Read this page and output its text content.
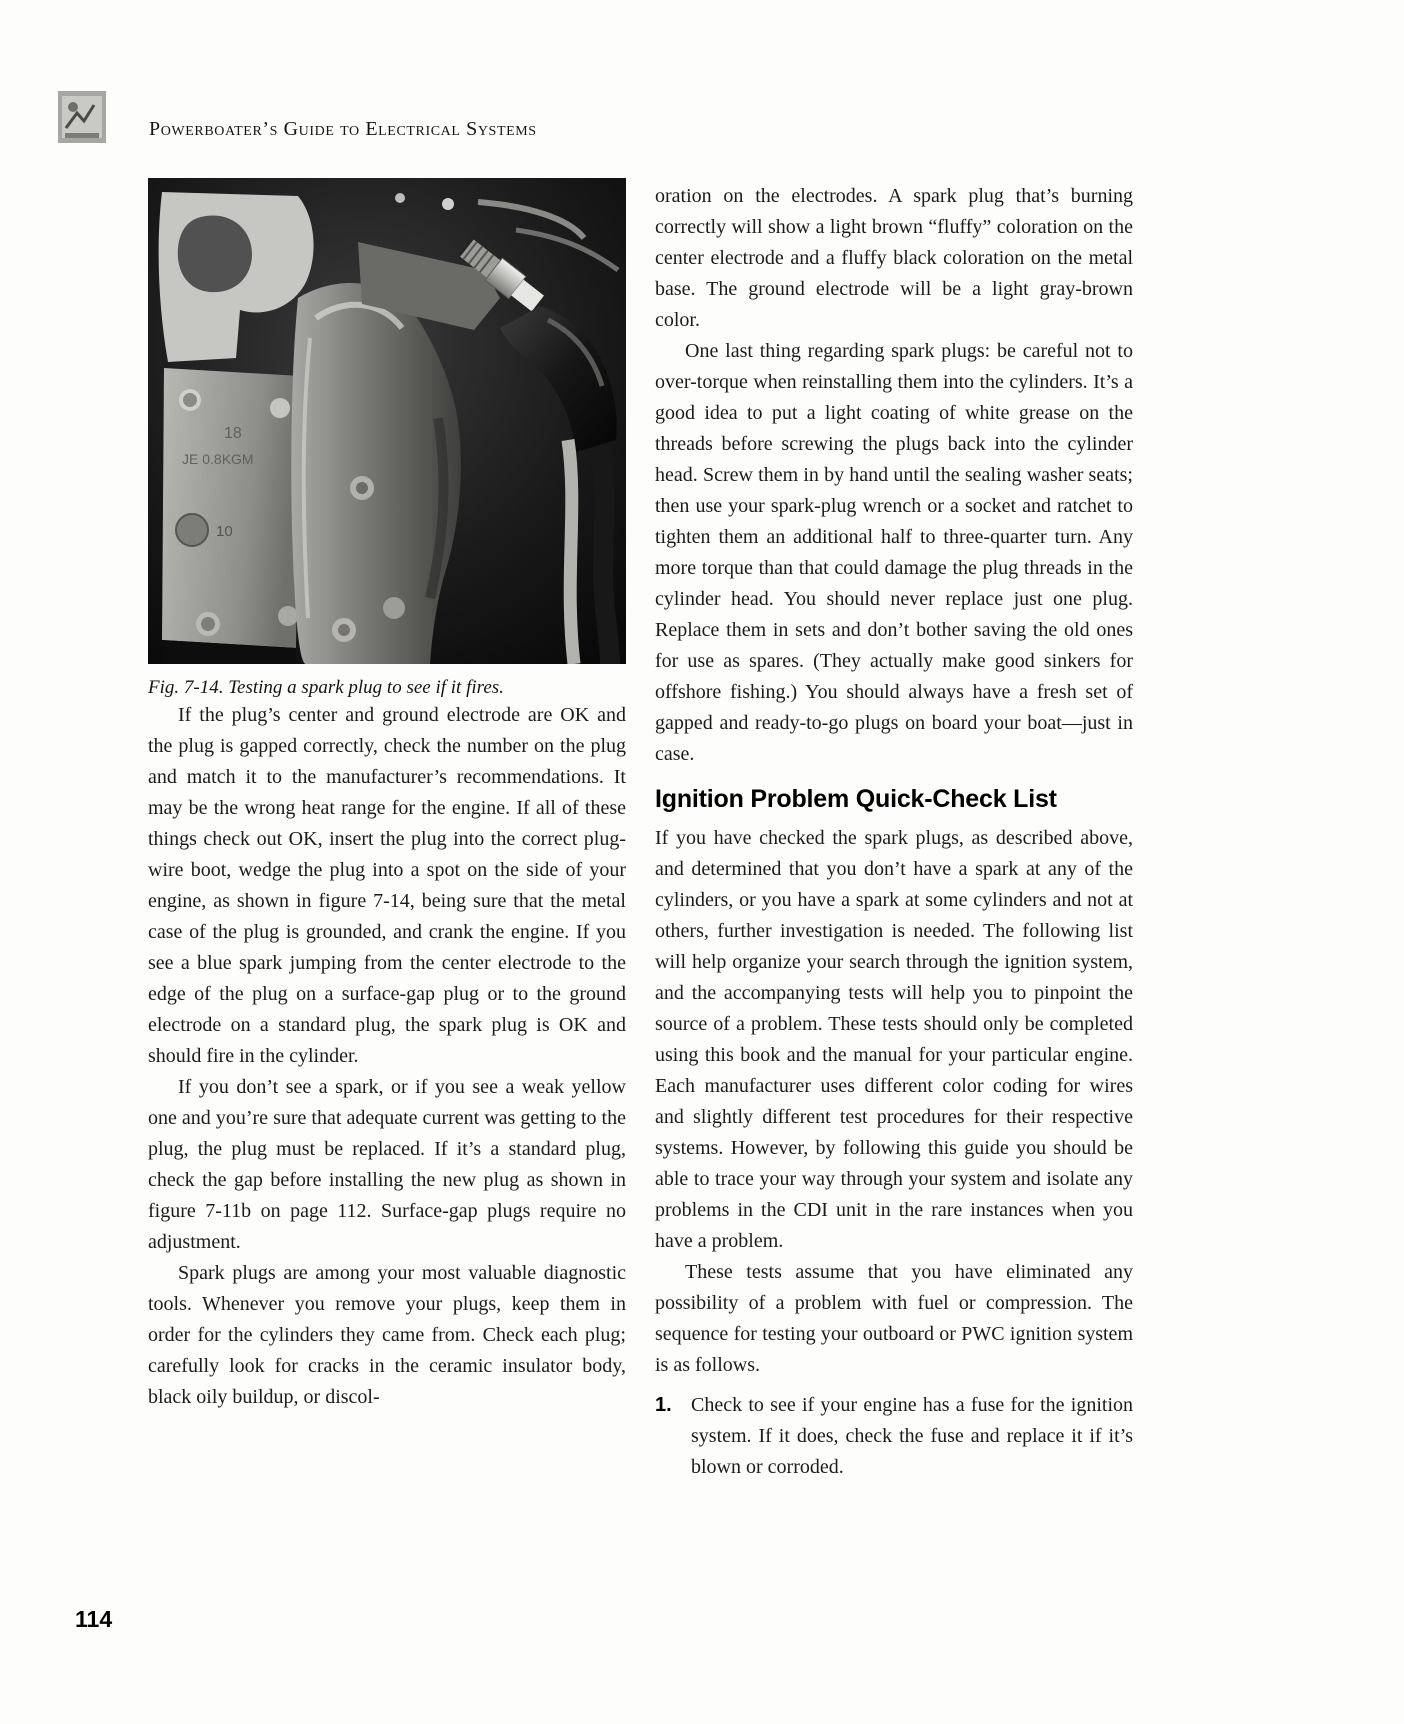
Powerboater’s Guide to Electrical Systems
18
JE 0.8KGM
10
Fig. 7-14. Testing a spark plug to see if it fires.

If the plug’s center and ground electrode are OK and the plug is gapped correctly, check the number on the plug and match it to the manufacturer’s recommendations. It may be the wrong heat range for the engine. If all of these things check out OK, insert the plug into the correct plug-wire boot, wedge the plug into a spot on the side of your engine, as shown in figure 7-14, being sure that the metal case of the plug is grounded, and crank the engine. If you see a blue spark jumping from the center electrode to the edge of the plug on a surface-gap plug or to the ground electrode on a standard plug, the spark plug is OK and should fire in the cylinder.

If you don’t see a spark, or if you see a weak yellow one and you’re sure that adequate current was getting to the plug, the plug must be replaced. If it’s a standard plug, check the gap before installing the new plug as shown in figure 7-11b on page 112. Surface-gap plugs require no adjustment.

Spark plugs are among your most valuable diagnostic tools. Whenever you remove your plugs, keep them in order for the cylinders they came from. Check each plug; carefully look for cracks in the ceramic insulator body, black oily buildup, or discol-

oration on the electrodes. A spark plug that’s burning correctly will show a light brown “fluffy” coloration on the center electrode and a fluffy black coloration on the metal base. The ground electrode will be a light gray-brown color.

One last thing regarding spark plugs: be careful not to over-torque when reinstalling them into the cylinders. It’s a good idea to put a light coating of white grease on the threads before screwing the plugs back into the cylinder head. Screw them in by hand until the sealing washer seats; then use your spark-plug wrench or a socket and ratchet to tighten them an additional half to three-quarter turn. Any more torque than that could damage the plug threads in the cylinder head. You should never replace just one plug. Replace them in sets and don’t bother saving the old ones for use as spares. (They actually make good sinkers for offshore fishing.) You should always have a fresh set of gapped and ready-to-go plugs on board your boat—just in case.

Ignition Problem Quick-Check List

If you have checked the spark plugs, as described above, and determined that you don’t have a spark at any of the cylinders, or you have a spark at some cylinders and not at others, further investigation is needed. The following list will help organize your search through the ignition system, and the accompanying tests will help you to pinpoint the source of a problem. These tests should only be completed using this book and the manual for your particular engine. Each manufacturer uses different color coding for wires and slightly different test procedures for their respective systems. However, by following this guide you should be able to trace your way through your system and isolate any problems in the CDI unit in the rare instances when you have a problem.

These tests assume that you have eliminated any possibility of a problem with fuel or compression. The sequence for testing your outboard or PWC ignition system is as follows.

1. Check to see if your engine has a fuse for the ignition system. If it does, check the fuse and replace it if it’s blown or corroded.

114
